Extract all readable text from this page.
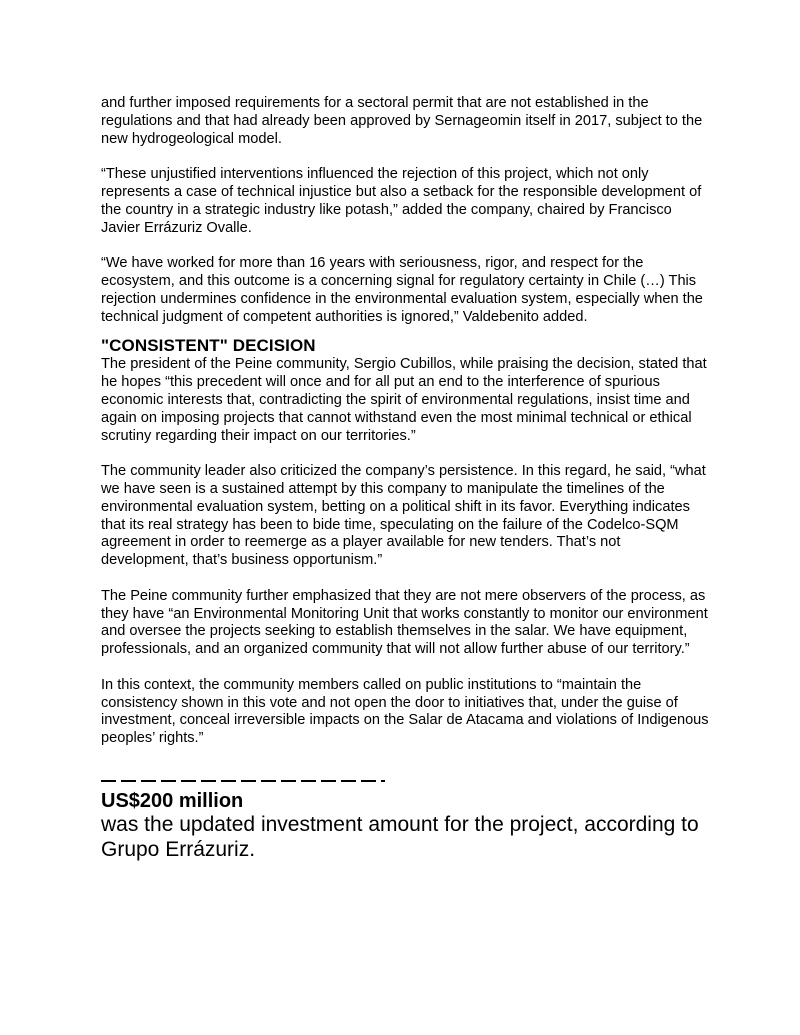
and further imposed requirements for a sectoral permit that are not established in the regulations and that had already been approved by Sernageomin itself in 2017, subject to the new hydrogeological model.

“These unjustified interventions influenced the rejection of this project, which not only represents a case of technical injustice but also a setback for the responsible development of the country in a strategic industry like potash,” added the company, chaired by Francisco Javier Errázuriz Ovalle.

“We have worked for more than 16 years with seriousness, rigor, and respect for the ecosystem, and this outcome is a concerning signal for regulatory certainty in Chile (…) This rejection undermines confidence in the environmental evaluation system, especially when the technical judgment of competent authorities is ignored,” Valdebenito added.

"CONSISTENT" DECISION

The president of the Peine community, Sergio Cubillos, while praising the decision, stated that he hopes “this precedent will once and for all put an end to the interference of spurious economic interests that, contradicting the spirit of environmental regulations, insist time and again on imposing projects that cannot withstand even the most minimal technical or ethical scrutiny regarding their impact on our territories.”

The community leader also criticized the company’s persistence. In this regard, he said, “what we have seen is a sustained attempt by this company to manipulate the timelines of the environmental evaluation system, betting on a political shift in its favor. Everything indicates that its real strategy has been to bide time, speculating on the failure of the Codelco-SQM agreement in order to reemerge as a player available for new tenders. That’s not development, that’s business opportunism.”

The Peine community further emphasized that they are not mere observers of the process, as they have “an Environmental Monitoring Unit that works constantly to monitor our environment and oversee the projects seeking to establish themselves in the salar. We have equipment, professionals, and an organized community that will not allow further abuse of our territory.”

In this context, the community members called on public institutions to “maintain the consistency shown in this vote and not open the door to initiatives that, under the guise of investment, conceal irreversible impacts on the Salar de Atacama and violations of Indigenous peoples’ rights.”

US$200 million

was the updated investment amount for the project, according to Grupo Errázuriz.
